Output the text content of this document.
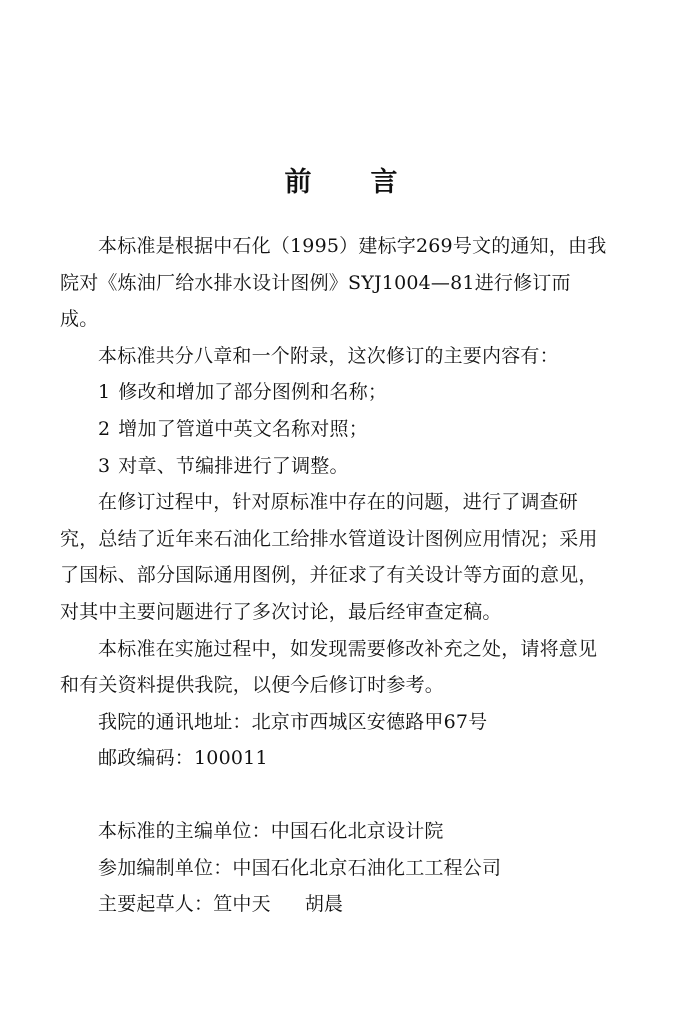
前 言

本标准是根据中石化（1995）建标字269号文的通知，由我院对《炼油厂给水排水设计图例》SYJ1004—81进行修订而成。

本标准共分八章和一个附录，这次修订的主要内容有：

1 修改和增加了部分图例和名称；

2 增加了管道中英文名称对照；

3 对章、节编排进行了调整。

在修订过程中，针对原标准中存在的问题，进行了调查研究，总结了近年来石油化工给排水管道设计图例应用情况；采用了国标、部分国际通用图例，并征求了有关设计等方面的意见，对其中主要问题进行了多次讨论，最后经审查定稿。

本标准在实施过程中，如发现需要修改补充之处，请将意见和有关资料提供我院，以便今后修订时参考。

我院的通讯地址：北京市西城区安德路甲67号

邮政编码：100011

本标准的主编单位：中国石化北京设计院

参加编制单位：中国石化北京石油化工工程公司

主要起草人：笪中天 胡晨
